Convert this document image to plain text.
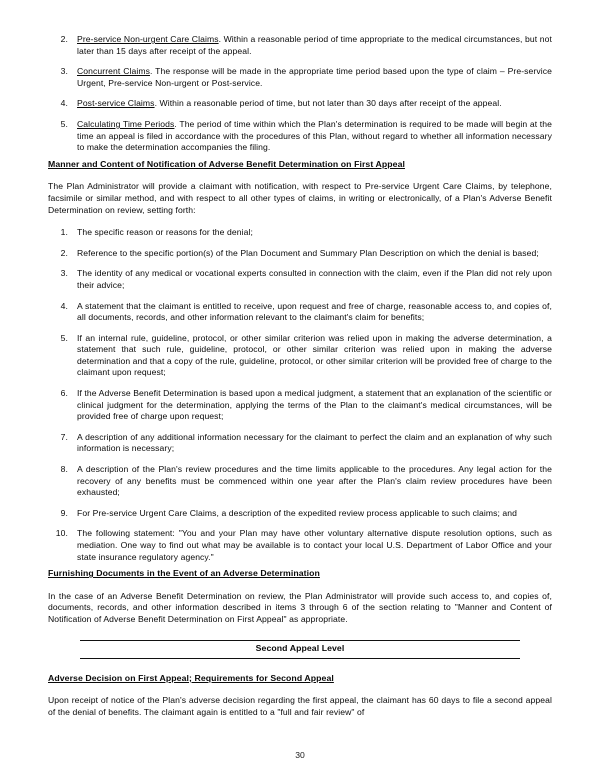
2. Pre-service Non-urgent Care Claims. Within a reasonable period of time appropriate to the medical circumstances, but not later than 15 days after receipt of the appeal.
3. Concurrent Claims. The response will be made in the appropriate time period based upon the type of claim – Pre-service Urgent, Pre-service Non-urgent or Post-service.
4. Post-service Claims. Within a reasonable period of time, but not later than 30 days after receipt of the appeal.
5. Calculating Time Periods. The period of time within which the Plan's determination is required to be made will begin at the time an appeal is filed in accordance with the procedures of this Plan, without regard to whether all information necessary to make the determination accompanies the filing.
Manner and Content of Notification of Adverse Benefit Determination on First Appeal
The Plan Administrator will provide a claimant with notification, with respect to Pre-service Urgent Care Claims, by telephone, facsimile or similar method, and with respect to all other types of claims, in writing or electronically, of a Plan's Adverse Benefit Determination on review, setting forth:
1. The specific reason or reasons for the denial;
2. Reference to the specific portion(s) of the Plan Document and Summary Plan Description on which the denial is based;
3. The identity of any medical or vocational experts consulted in connection with the claim, even if the Plan did not rely upon their advice;
4. A statement that the claimant is entitled to receive, upon request and free of charge, reasonable access to, and copies of, all documents, records, and other information relevant to the claimant's claim for benefits;
5. If an internal rule, guideline, protocol, or other similar criterion was relied upon in making the adverse determination, a statement that such rule, guideline, protocol, or other similar criterion was relied upon in making the adverse determination and that a copy of the rule, guideline, protocol, or other similar criterion will be provided free of charge to the claimant upon request;
6. If the Adverse Benefit Determination is based upon a medical judgment, a statement that an explanation of the scientific or clinical judgment for the determination, applying the terms of the Plan to the claimant's medical circumstances, will be provided free of charge upon request;
7. A description of any additional information necessary for the claimant to perfect the claim and an explanation of why such information is necessary;
8. A description of the Plan's review procedures and the time limits applicable to the procedures. Any legal action for the recovery of any benefits must be commenced within one year after the Plan's claim review procedures have been exhausted;
9. For Pre-service Urgent Care Claims, a description of the expedited review process applicable to such claims; and
10. The following statement: "You and your Plan may have other voluntary alternative dispute resolution options, such as mediation. One way to find out what may be available is to contact your local U.S. Department of Labor Office and your state insurance regulatory agency."
Furnishing Documents in the Event of an Adverse Determination
In the case of an Adverse Benefit Determination on review, the Plan Administrator will provide such access to, and copies of, documents, records, and other information described in items 3 through 6 of the section relating to "Manner and Content of Notification of Adverse Benefit Determination on First Appeal" as appropriate.
Second Appeal Level
Adverse Decision on First Appeal; Requirements for Second Appeal
Upon receipt of notice of the Plan's adverse decision regarding the first appeal, the claimant has 60 days to file a second appeal of the denial of benefits. The claimant again is entitled to a "full and fair review" of
30
